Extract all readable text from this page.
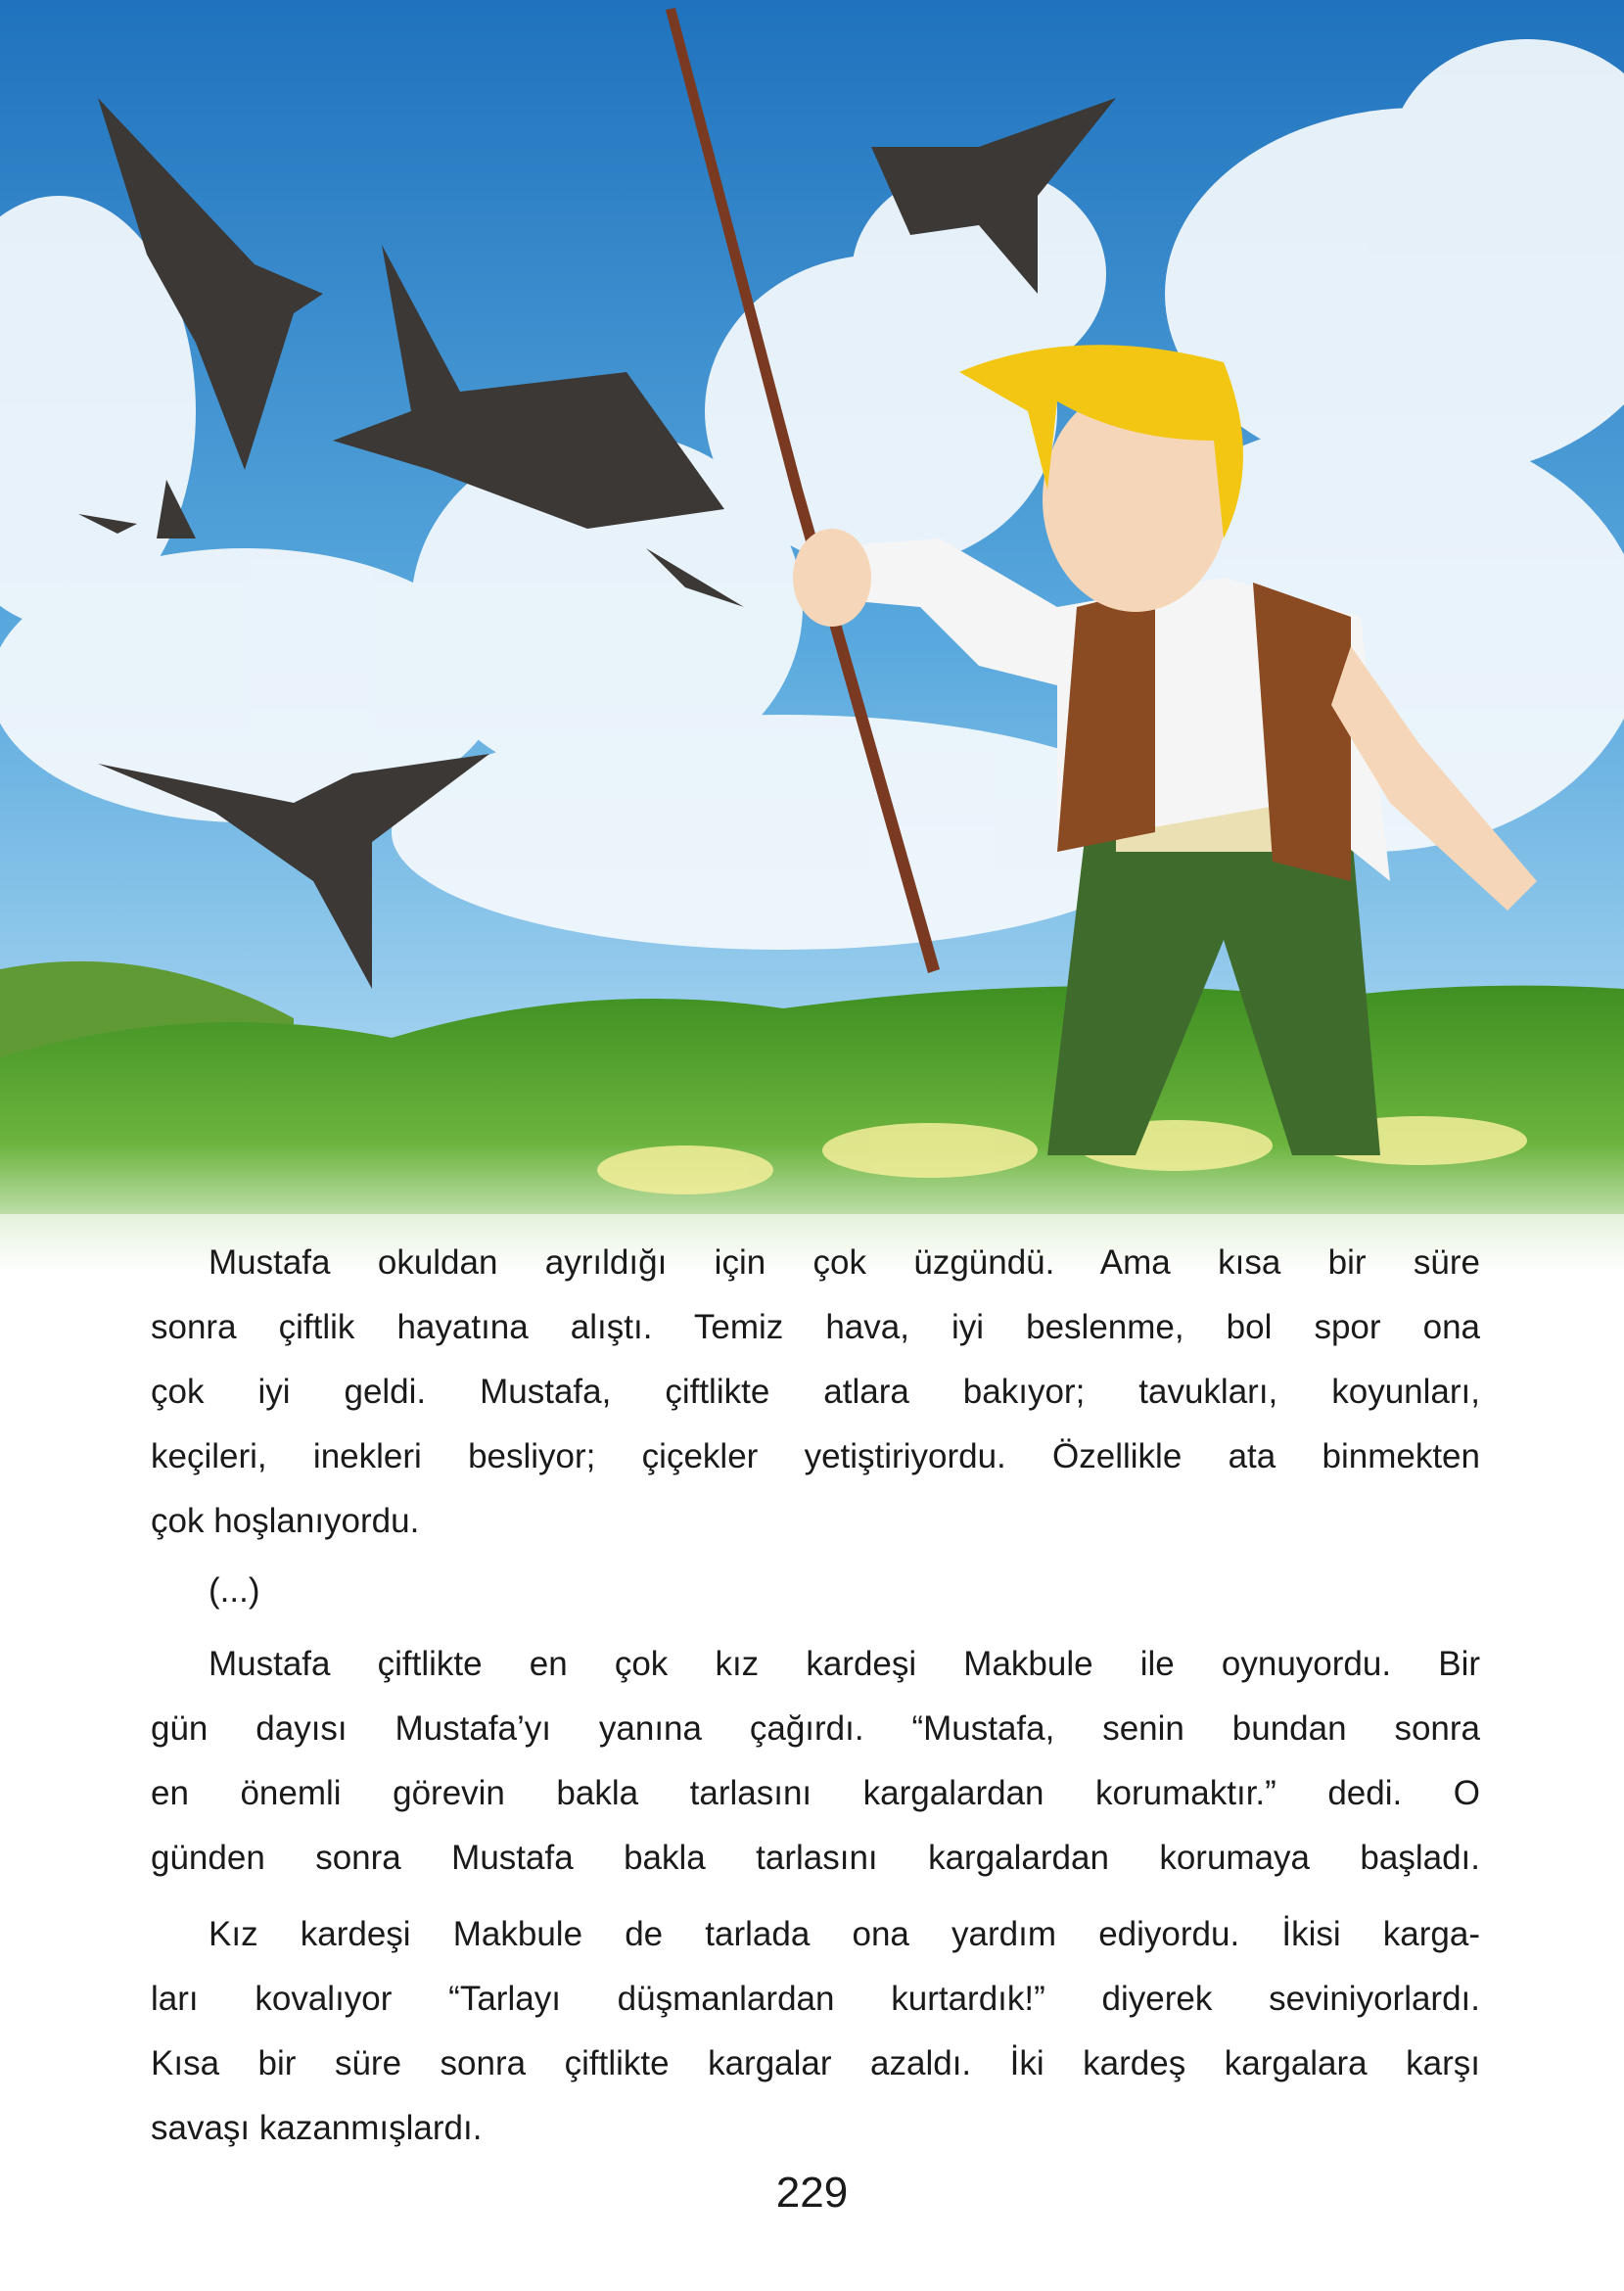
Mustafa okuldan ayrıldığı için çok üzgündü. Ama kısa bir süre
sonra çiftlik hayatına alıştı. Temiz hava, iyi beslenme, bol spor ona
çok iyi geldi. Mustafa, çiftlikte atlara bakıyor; tavukları, koyunları,
keçileri, inekleri besliyor; çiçekler yetiştiriyordu. Özellikle ata binmekten
çok hoşlanıyordu.
(...)
Mustafa çiftlikte en çok kız kardeşi Makbule ile oynuyordu. Bir
gün dayısı Mustafa’yı yanına çağırdı. “Mustafa, senin bundan sonra
en önemli görevin bakla tarlasını kargalardan korumaktır.” dedi. O
günden sonra Mustafa bakla tarlasını kargalardan korumaya başladı.
Kız kardeşi Makbule de tarlada ona yardım ediyordu. İkisi karga-
ları kovalıyor “Tarlayı düşmanlardan kurtardık!” diyerek seviniyorlardı.
Kısa bir süre sonra çiftlikte kargalar azaldı. İki kardeş kargalara karşı
savaşı kazanmışlardı.
229
